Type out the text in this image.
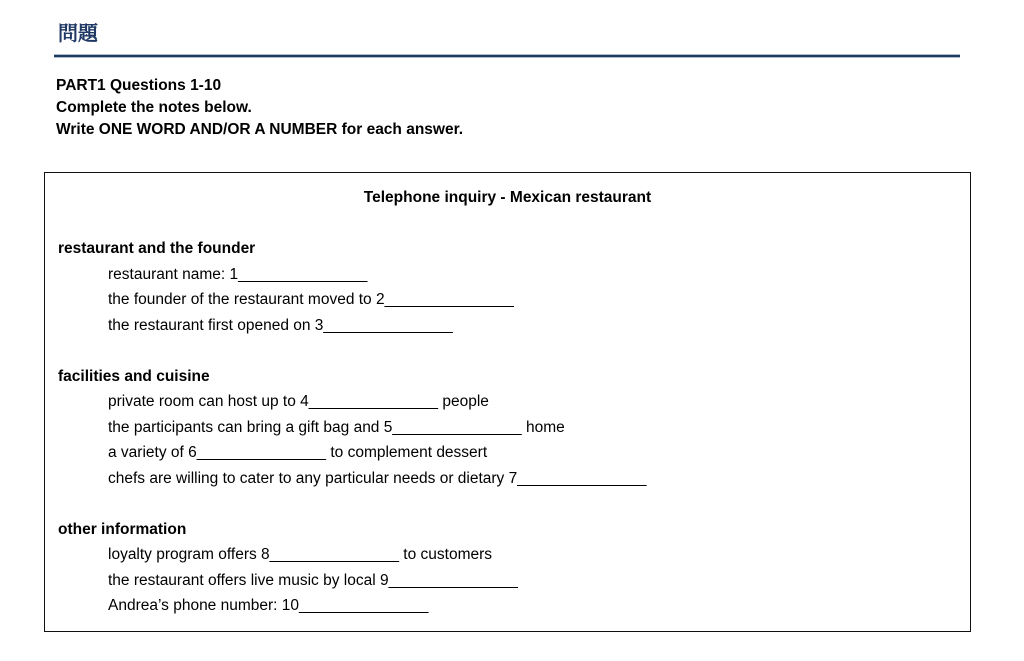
問題
PART1 Questions 1-10
Complete the notes below.
Write ONE WORD AND/OR A NUMBER for each answer.
Telephone inquiry - Mexican restaurant
restaurant and the founder
restaurant name: 1_______________
the founder of the restaurant moved to 2_______________
the restaurant first opened on 3_______________
facilities and cuisine
private room can host up to 4_______________ people
the participants can bring a gift bag and 5_______________ home
a variety of 6_______________ to complement dessert
chefs are willing to cater to any particular needs or dietary 7_______________
other information
loyalty program offers 8_______________ to customers
the restaurant offers live music by local 9_______________
Andrea’s phone number: 10_______________
